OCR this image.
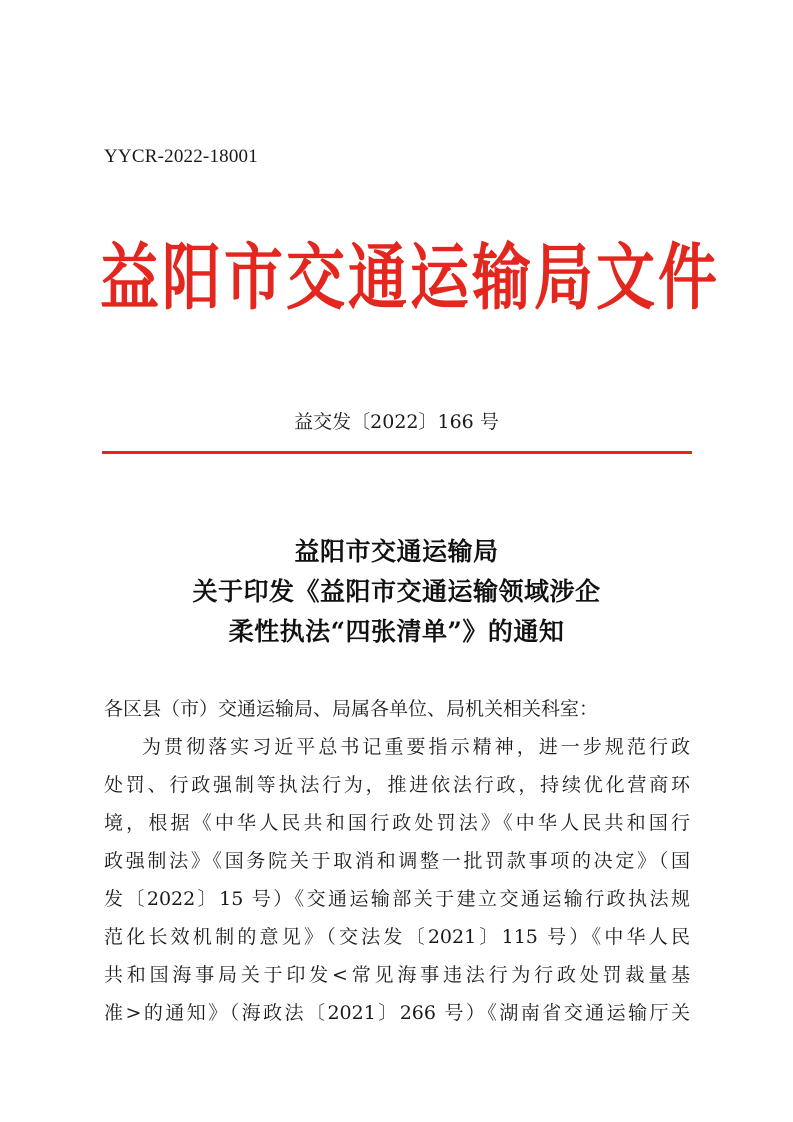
YYCR-2022-18001
益阳市交通运输局文件
益交发〔2022〕166 号
益阳市交通运输局
关于印发《益阳市交通运输领域涉企
柔性执法“四张清单”》的通知

各区县（市）交通运输局、局属各单位、局机关相关科室：

为贯彻落实习近平总书记重要指示精神，进一步规范行政
处罚、行政强制等执法行为，推进依法行政，持续优化营商环
境，根据《中华人民共和国行政处罚法》《中华人民共和国行
政强制法》《国务院关于取消和调整一批罚款事项的决定》（国
发〔2022〕15 号）《交通运输部关于建立交通运输行政执法规
范化长效机制的意见》（交法发〔2021〕115 号）《中华人民
共和国海事局关于印发<常见海事违法行为行政处罚裁量基
准>的通知》（海政法〔2021〕266 号）《湖南省交通运输厅关
